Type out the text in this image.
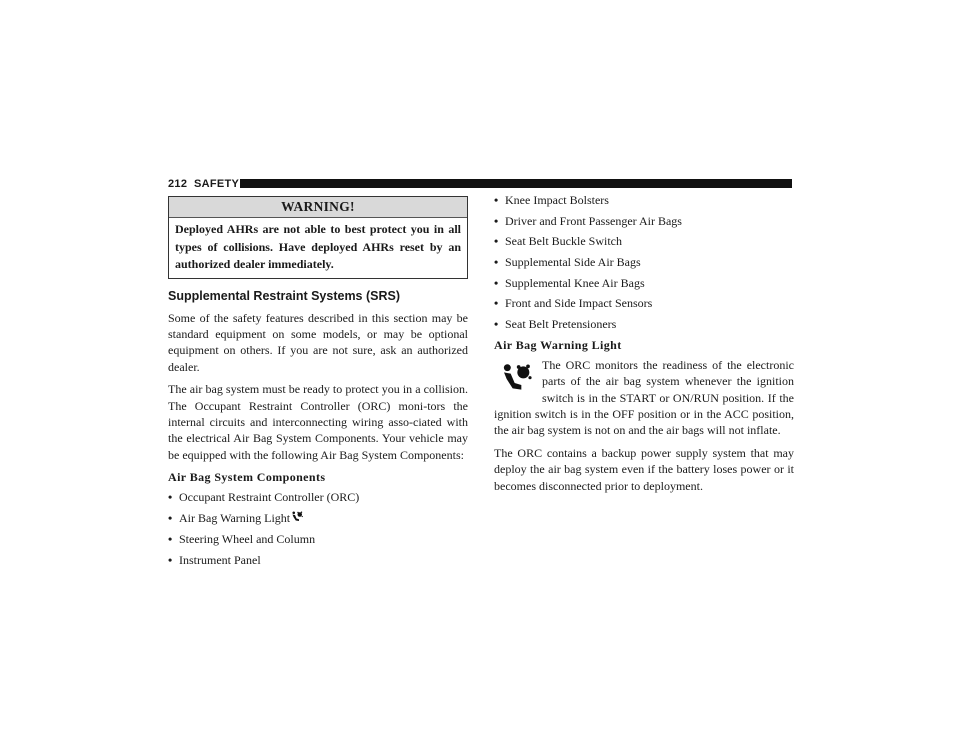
212 SAFETY
WARNING!
Deployed AHRs are not able to best protect you in all types of collisions. Have deployed AHRs reset by an authorized dealer immediately.
Supplemental Restraint Systems (SRS)

Some of the safety features described in this section may be standard equipment on some models, or may be optional equipment on others. If you are not sure, ask an authorized dealer.

The air bag system must be ready to protect you in a collision. The Occupant Restraint Controller (ORC) moni-tors the internal circuits and interconnecting wiring asso-ciated with the electrical Air Bag System Components. Your vehicle may be equipped with the following Air Bag System Components:

Air Bag System Components
• Occupant Restraint Controller (ORC)
• Air Bag Warning Light
• Steering Wheel and Column
• Instrument Panel
• Knee Impact Bolsters
• Driver and Front Passenger Air Bags
• Seat Belt Buckle Switch
• Supplemental Side Air Bags
• Supplemental Knee Air Bags
• Front and Side Impact Sensors
• Seat Belt Pretensioners
Air Bag Warning Light

The ORC monitors the readiness of the electronic parts of the air bag system whenever the ignition switch is in the START or ON/RUN position. If the ignition switch is in the OFF position or in the ACC position, the air bag system is not on and the air bags will not inflate.

The ORC contains a backup power supply system that may deploy the air bag system even if the battery loses power or it becomes disconnected prior to deployment.
